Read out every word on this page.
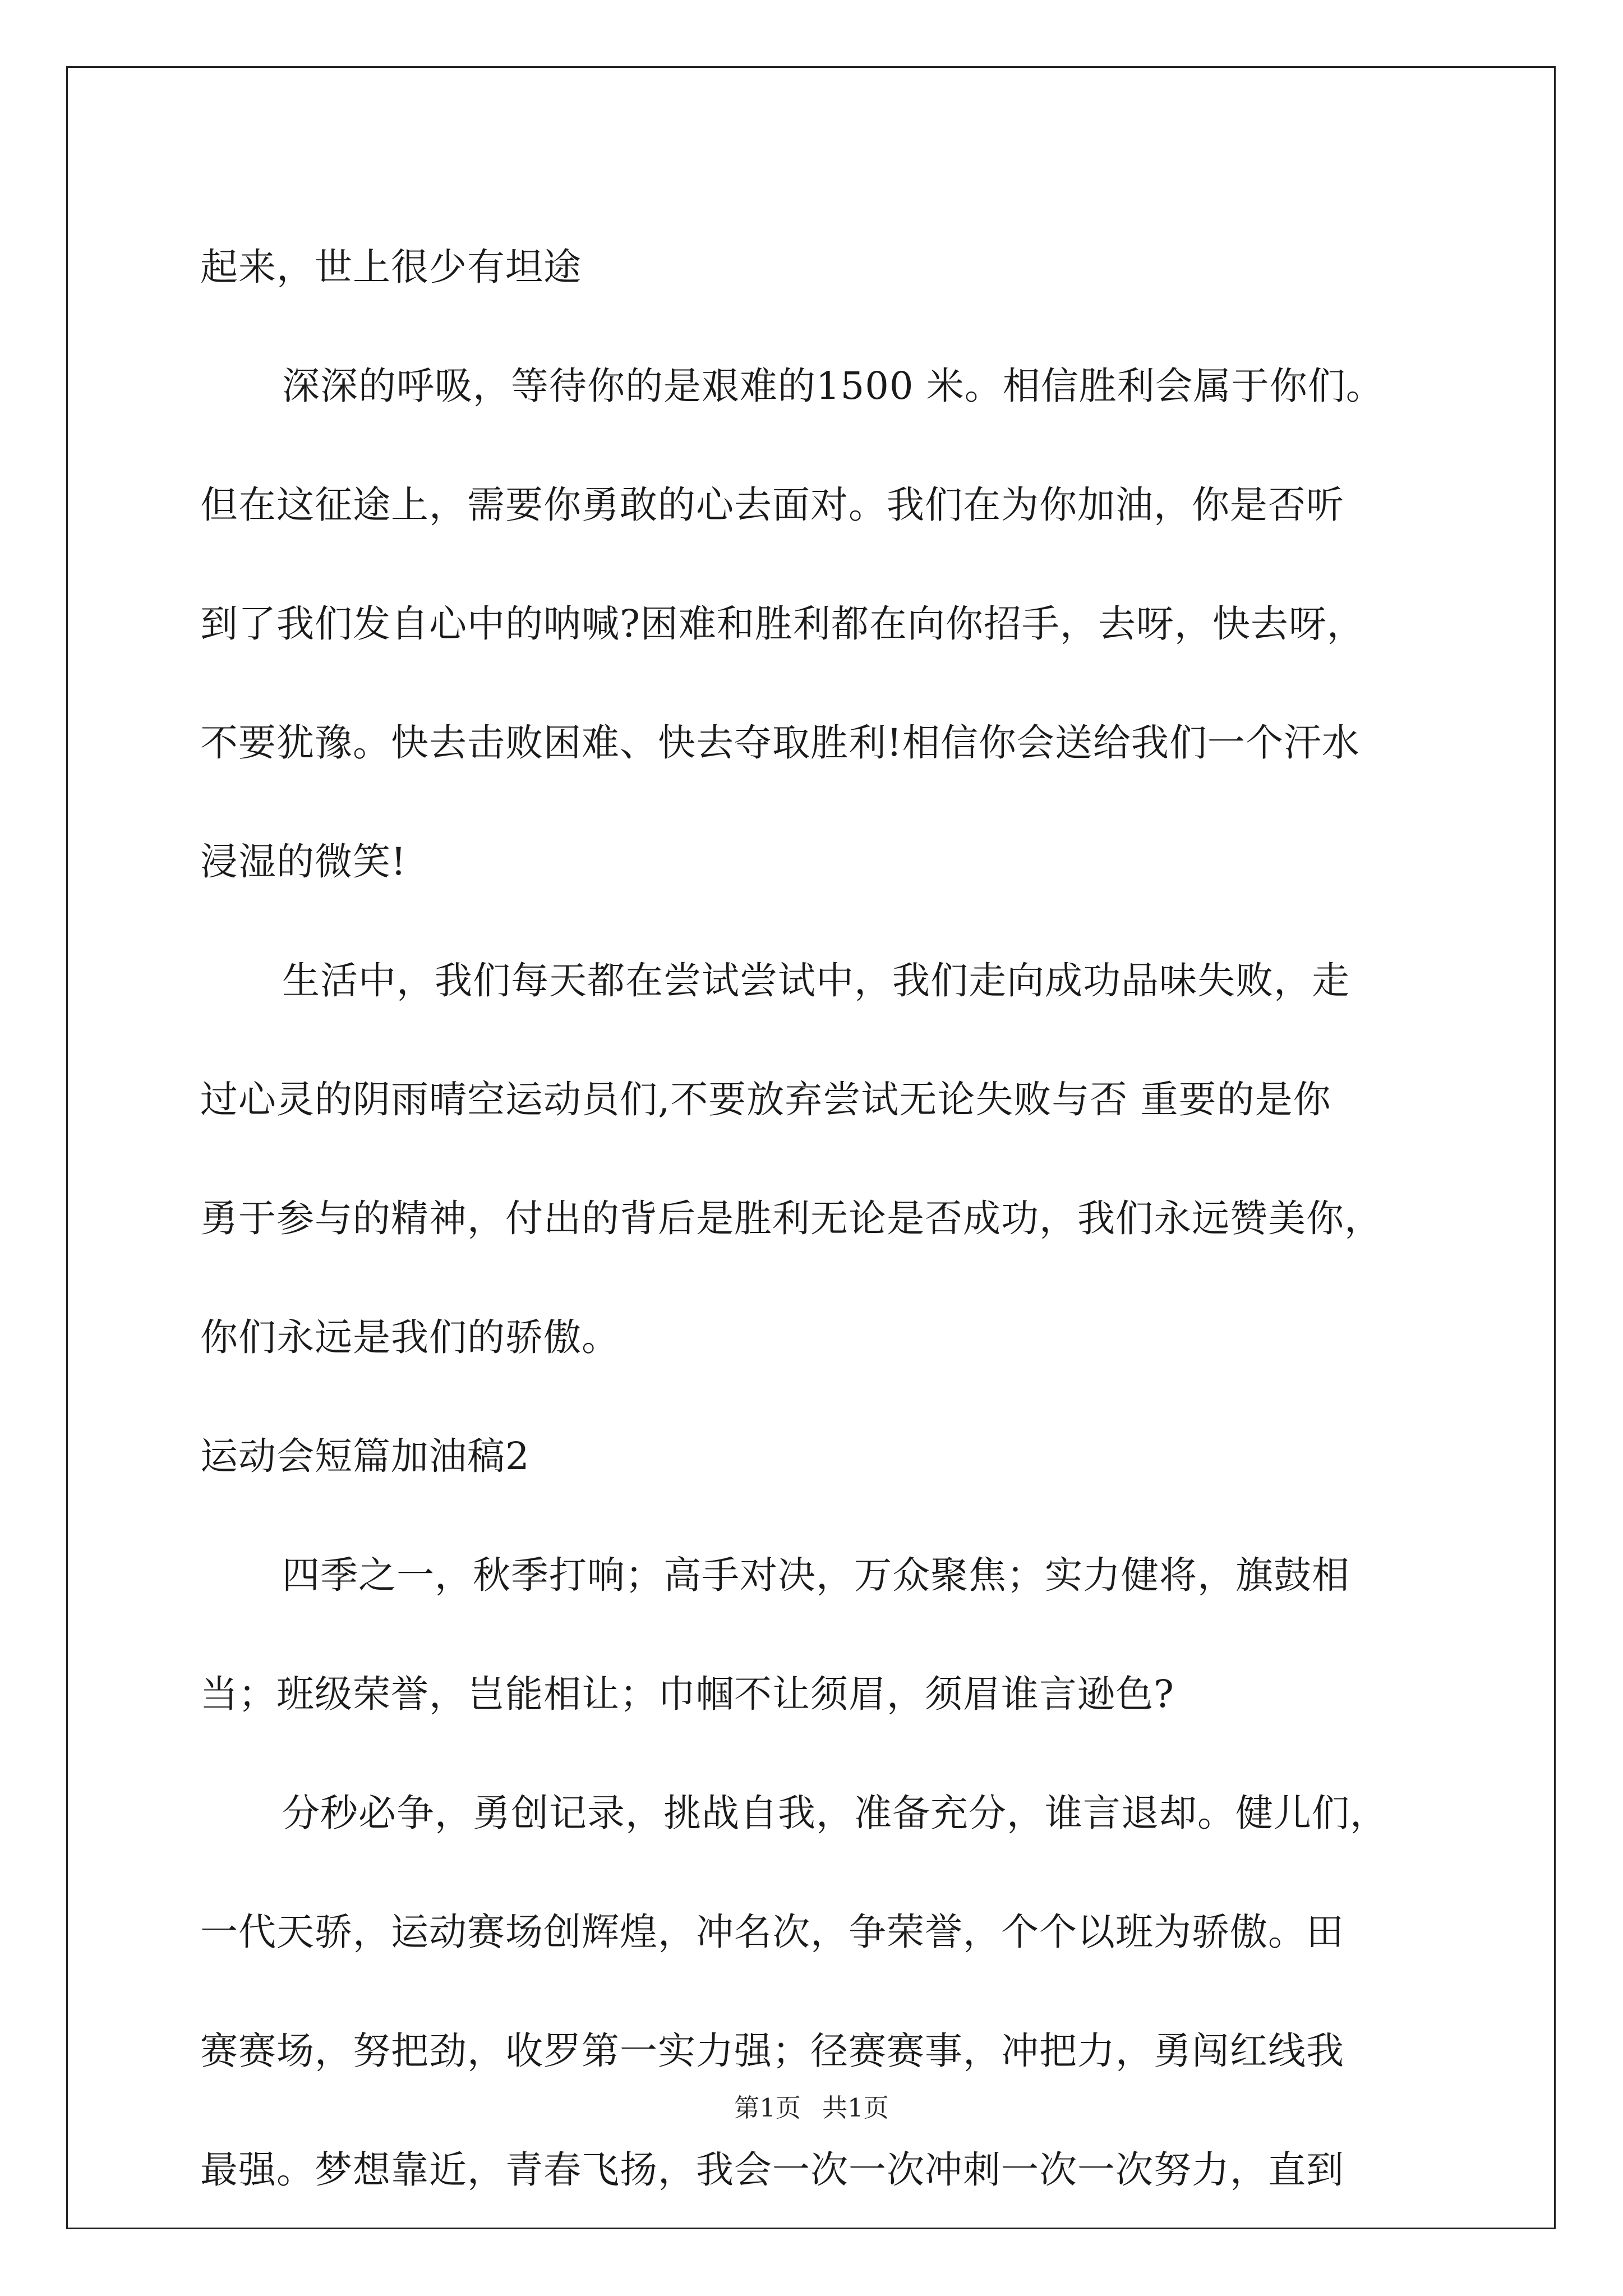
起来，世上很少有坦途
深深的呼吸，等待你的是艰难的1500 米。相信胜利会属于你们。
但在这征途上，需要你勇敢的心去面对。我们在为你加油，你是否听
到了我们发自心中的呐喊?困难和胜利都在向你招手，去呀，快去呀，
不要犹豫。快去击败困难、快去夺取胜利!相信你会送给我们一个汗水
浸湿的微笑!
生活中，我们每天都在尝试尝试中，我们走向成功品味失败，走
过心灵的阴雨晴空运动员们,不要放弃尝试无论失败与否 重要的是你
勇于参与的精神，付出的背后是胜利无论是否成功，我们永远赞美你，
你们永远是我们的骄傲。
运动会短篇加油稿2
四季之一，秋季打响；高手对决，万众聚焦；实力健将，旗鼓相
当；班级荣誉，岂能相让；巾帼不让须眉，须眉谁言逊色?
分秒必争，勇创记录，挑战自我，准备充分，谁言退却。健儿们，
一代天骄，运动赛场创辉煌，冲名次，争荣誉，个个以班为骄傲。田
赛赛场，努把劲，收罗第一实力强；径赛赛事，冲把力，勇闯红线我
最强。梦想靠近，青春飞扬，我会一次一次冲刺一次一次努力，直到
第1页 共1页
